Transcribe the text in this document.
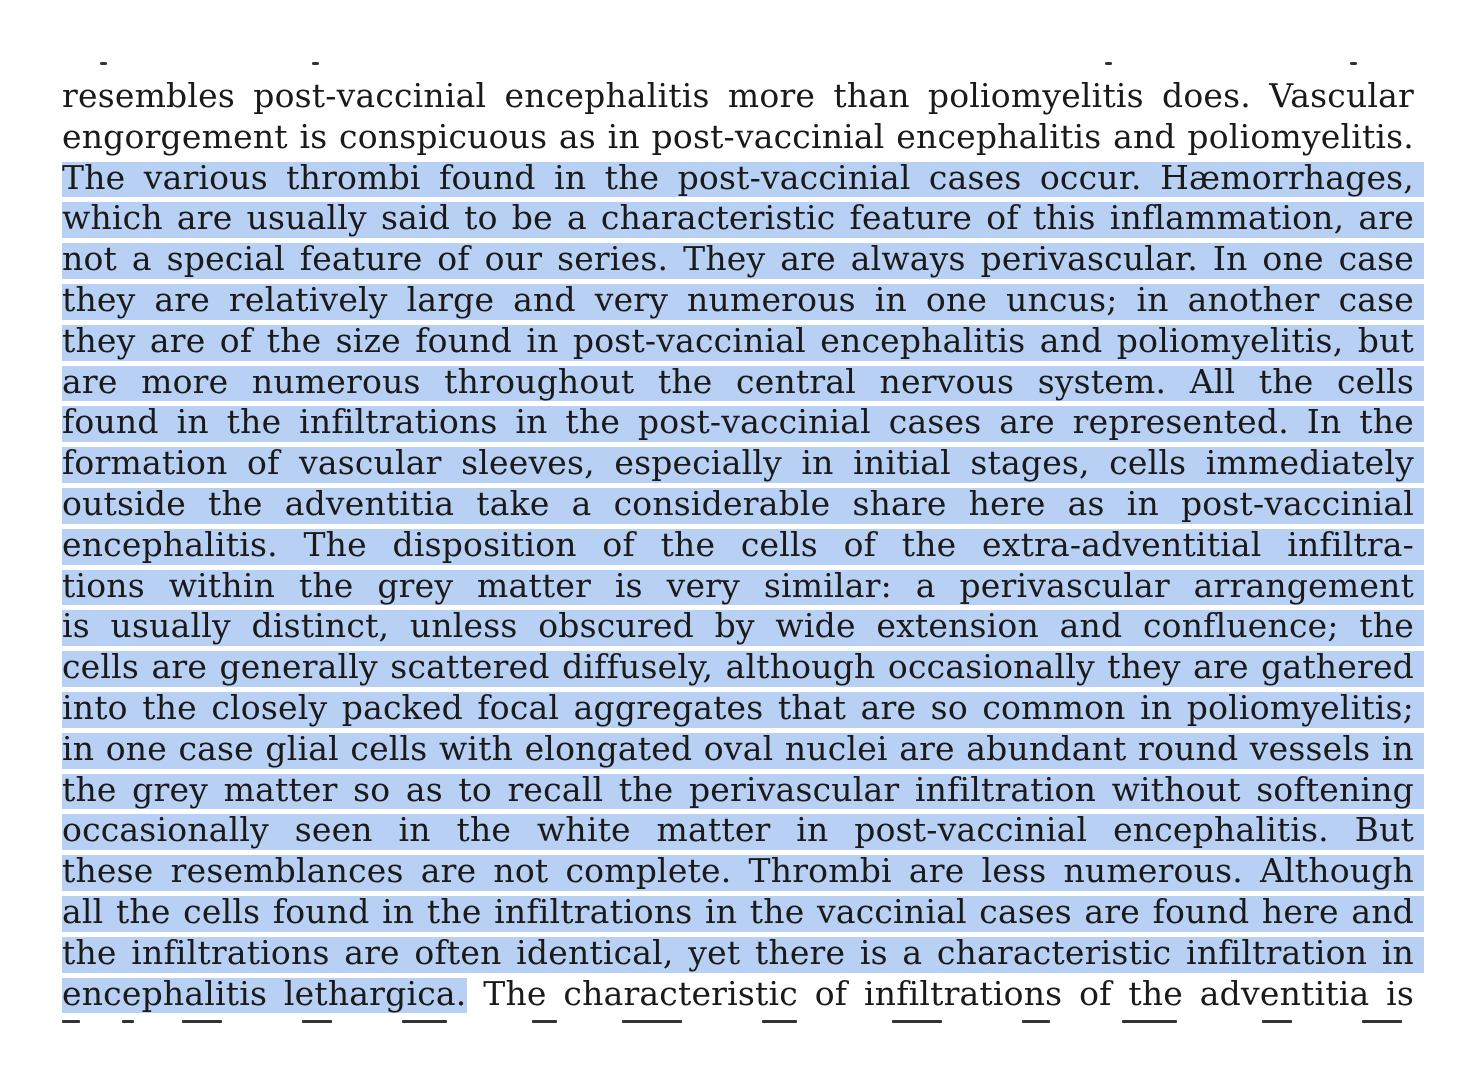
resembles post-vaccinial encephalitis more than poliomyelitis does. Vascular
engorgement is conspicuous as in post-vaccinial encephalitis and poliomyelitis.
The various thrombi found in the post-vaccinial cases occur. Hæmorrhages,
which are usually said to be a characteristic feature of this inflammation, are
not a special feature of our series. They are always perivascular. In one case
they are relatively large and very numerous in one uncus; in another case
they are of the size found in post-vaccinial encephalitis and poliomyelitis, but
are more numerous throughout the central nervous system. All the cells
found in the infiltrations in the post-vaccinial cases are represented. In the
formation of vascular sleeves, especially in initial stages, cells immediately
outside the adventitia take a considerable share here as in post-vaccinial
encephalitis. The disposition of the cells of the extra-adventitial infiltra-
tions within the grey matter is very similar: a perivascular arrangement
is usually distinct, unless obscured by wide extension and confluence; the
cells are generally scattered diffusely, although occasionally they are gathered
into the closely packed focal aggregates that are so common in poliomyelitis;
in one case glial cells with elongated oval nuclei are abundant round vessels in
the grey matter so as to recall the perivascular infiltration without softening
occasionally seen in the white matter in post-vaccinial encephalitis. But
these resemblances are not complete. Thrombi are less numerous. Although
all the cells found in the infiltrations in the vaccinial cases are found here and
the infiltrations are often identical, yet there is a characteristic infiltration in
encephalitis lethargica. The characteristic of infiltrations of the adventitia is
